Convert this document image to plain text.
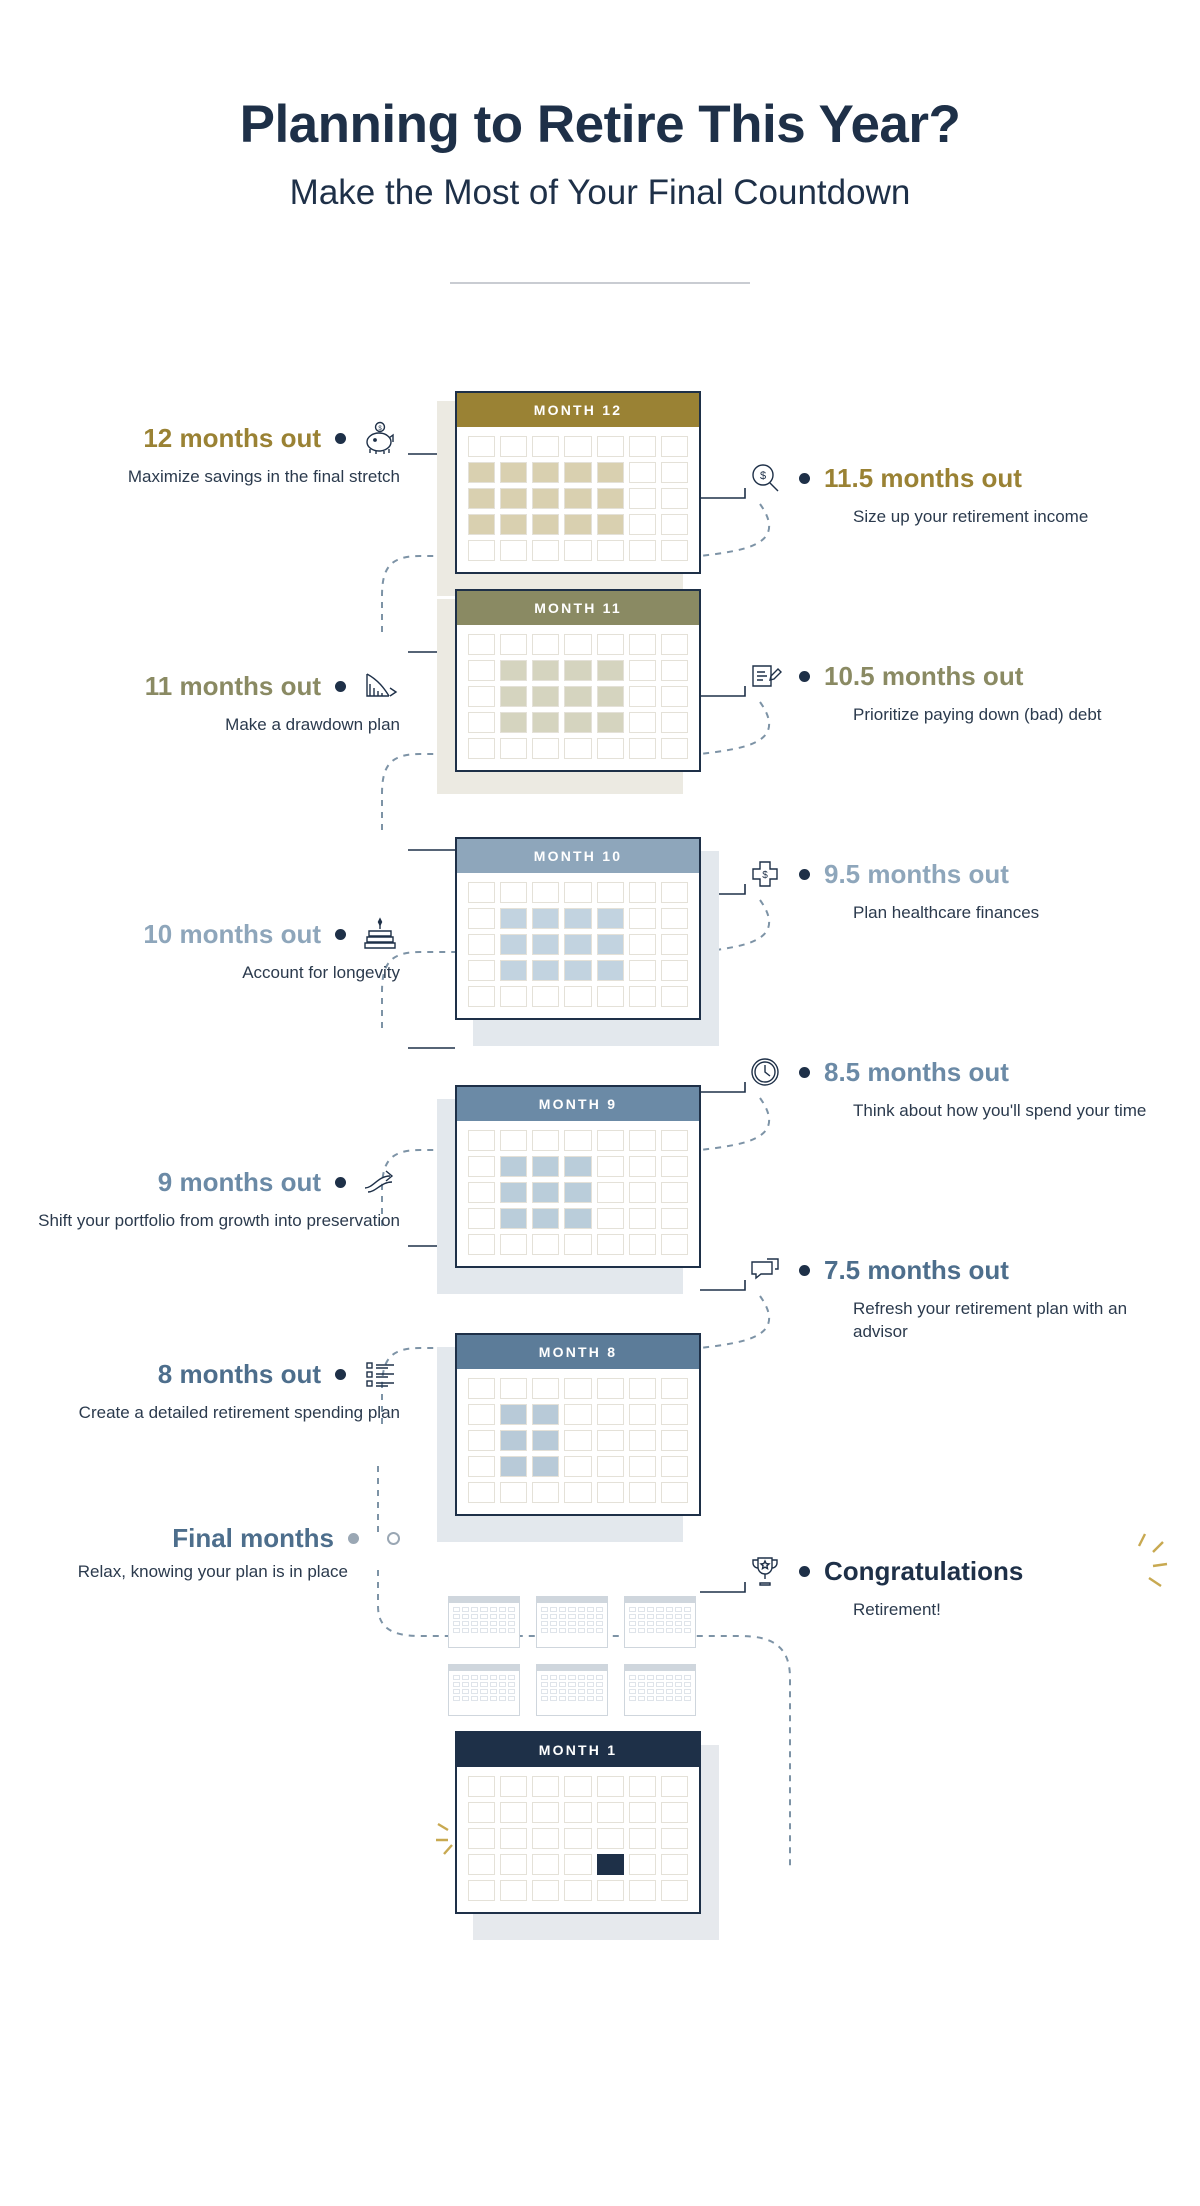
Planning to Retire This Year?
Make the Most of Your Final Countdown
MONTH 12
MONTH 11
MONTH 10
MONTH 9
MONTH 8
MONTH 1
12 months out	$
Maximize savings in the final stretch
11 months out
Make a drawdown plan
10 months out
Account for longevity
9 months out
Shift your portfolio from growth into preservation
8 months out
Create a detailed retirement spending plan
Final months
Relax, knowing your plan is in place
$ 11.5 months out
Size up your retirement income
10.5 months out
Prioritize paying down (bad) debt
$ 9.5 months out
Plan healthcare finances
8.5 months out
Think about how you'll spend your time
7.5 months out
Refresh your retirement plan with an advisor
Congratulations
Retirement!
